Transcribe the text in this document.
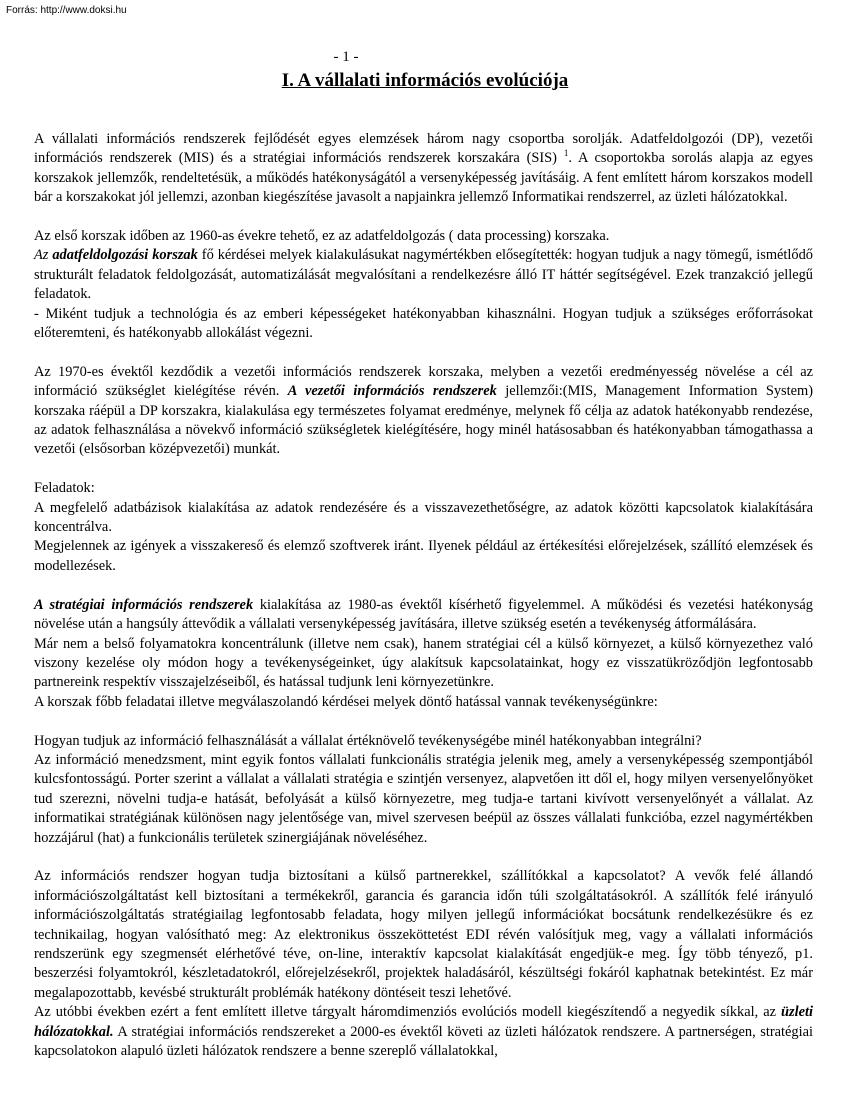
Forrás: http://www.doksi.hu
- 1 -
I. A vállalati információs evolúciója

A vállalati információs rendszerek fejlődését egyes elemzések három nagy csoportba sorolják. Adatfeldolgozói (DP), vezetői információs rendszerek (MIS) és a stratégiai információs rendszerek korszakára (SIS) $^1$. A csoportokba sorolás alapja az egyes korszakok jellemzők, rendeltetésük, a működés hatékonyságától a versenyképesség javításáig. A fent említett három korszakos modell bár a korszakokat jól jellemzi, azonban kiegészítése javasolt a napjainkra jellemző Informatikai rendszerrel, az üzleti hálózatokkal.

Az első korszak időben az 1960-as évekre tehető, ez az adatfeldolgozás ( data processing) korszaka.

Az adatfeldolgozási korszak fő kérdései melyek kialakulásukat nagymértékben elősegítették: hogyan tudjuk a nagy tömegű, ismétlődő strukturált feladatok feldolgozását, automatizálását megvalósítani a rendelkezésre álló IT háttér segítségével. Ezek tranzakció jellegű feladatok.

- Miként tudjuk a technológia és az emberi képességeket hatékonyabban kihasználni. Hogyan tudjuk a szükséges erőforrásokat előteremteni, és hatékonyabb allokálást végezni.

Az 1970-es évektől kezdődik a vezetői információs rendszerek korszaka, melyben a vezetői eredményesség növelése a cél az információ szükséglet kielégítése révén. A vezetői információs rendszerek jellemzői:(MIS, Management Information System) korszaka ráépül a DP korszakra, kialakulása egy természetes folyamat eredménye, melynek fő célja az adatok hatékonyabb rendezése, az adatok felhasználása a növekvő információ szükségletek kielégítésére, hogy minél hatásosabban és hatékonyabban támogathassa a vezetői (elsősorban középvezetői) munkát.

Feladatok:

A megfelelő adatbázisok kialakítása az adatok rendezésére és a visszavezethetőségre, az adatok közötti kapcsolatok kialakítására koncentrálva.

Megjelennek az igények a visszakereső és elemző szoftverek iránt. Ilyenek például az értékesítési előrejelzések, szállító elemzések és modellezések.

A stratégiai információs rendszerek kialakítása az 1980-as évektől kísérhető figyelemmel. A működési és vezetési hatékonyság növelése után a hangsúly áttevődik a vállalati versenyképesség javítására, illetve szükség esetén a tevékenység átformálására.

Már nem a belső folyamatokra koncentrálunk (illetve nem csak), hanem stratégiai cél a külső környezet, a külső környezethez való viszony kezelése oly módon hogy a tevékenységeinket, úgy alakítsuk kapcsolatainkat, hogy ez visszatükröződjön legfontosabb partnereink respektív visszajelzéseiből, és hatással tudjunk leni környezetünkre.

A korszak főbb feladatai illetve megválaszolandó kérdései melyek döntő hatással vannak tevékenységünkre:

Hogyan tudjuk az információ felhasználását a vállalat értéknövelő tevékenységébe minél hatékonyabban integrálni?

Az információ menedzsment, mint egyik fontos vállalati funkcionális stratégia jelenik meg, amely a versenyképesség szempontjából kulcsfontosságú. Porter szerint a vállalat a vállalati stratégia e szintjén versenyez, alapvetően itt dől el, hogy milyen versenyelőnyöket tud szerezni, növelni tudja-e hatását, befolyását a külső környezetre, meg tudja-e tartani kivívott versenyelőnyét a vállalat. Az informatikai stratégiának különösen nagy jelentősége van, mivel szervesen beépül az összes vállalati funkcióba, ezzel nagymértékben hozzájárul (hat) a funkcionális területek szinergiájának növeléséhez.

Az információs rendszer hogyan tudja biztosítani a külső partnerekkel, szállítókkal a kapcsolatot? A vevők felé állandó információszolgáltatást kell biztosítani a termékekről, garancia és garancia időn túli szolgáltatásokról. A szállítók felé irányuló információszolgáltatás stratégiailag legfontosabb feladata, hogy milyen jellegű információkat bocsátunk rendelkezésükre és ez technikailag, hogyan valósítható meg: Az elektronikus összeköttetést EDI révén valósítjuk meg, vagy a vállalati információs rendszerünk egy szegmensét elérhetővé téve, on-line, interaktív kapcsolat kialakítását engedjük-e meg. Így több tényező, p1. beszerzési folyamtokról, készletadatokról, előrejelzésekről, projektek haladásáról, készültségi fokáról kaphatnak betekintést. Ez már megalapozottabb, kevésbé strukturált problémák hatékony döntéseit teszi lehetővé.

Az utóbbi években ezért a fent említett illetve tárgyalt háromdimenziós evolúciós modell kiegészítendő a negyedik síkkal, az üzleti hálózatokkal. A stratégiai információs rendszereket a 2000-es évektől követi az üzleti hálózatok rendszere. A partnerségen, stratégiai kapcsolatokon alapuló üzleti hálózatok rendszere a benne szereplő vállalatokkal,
